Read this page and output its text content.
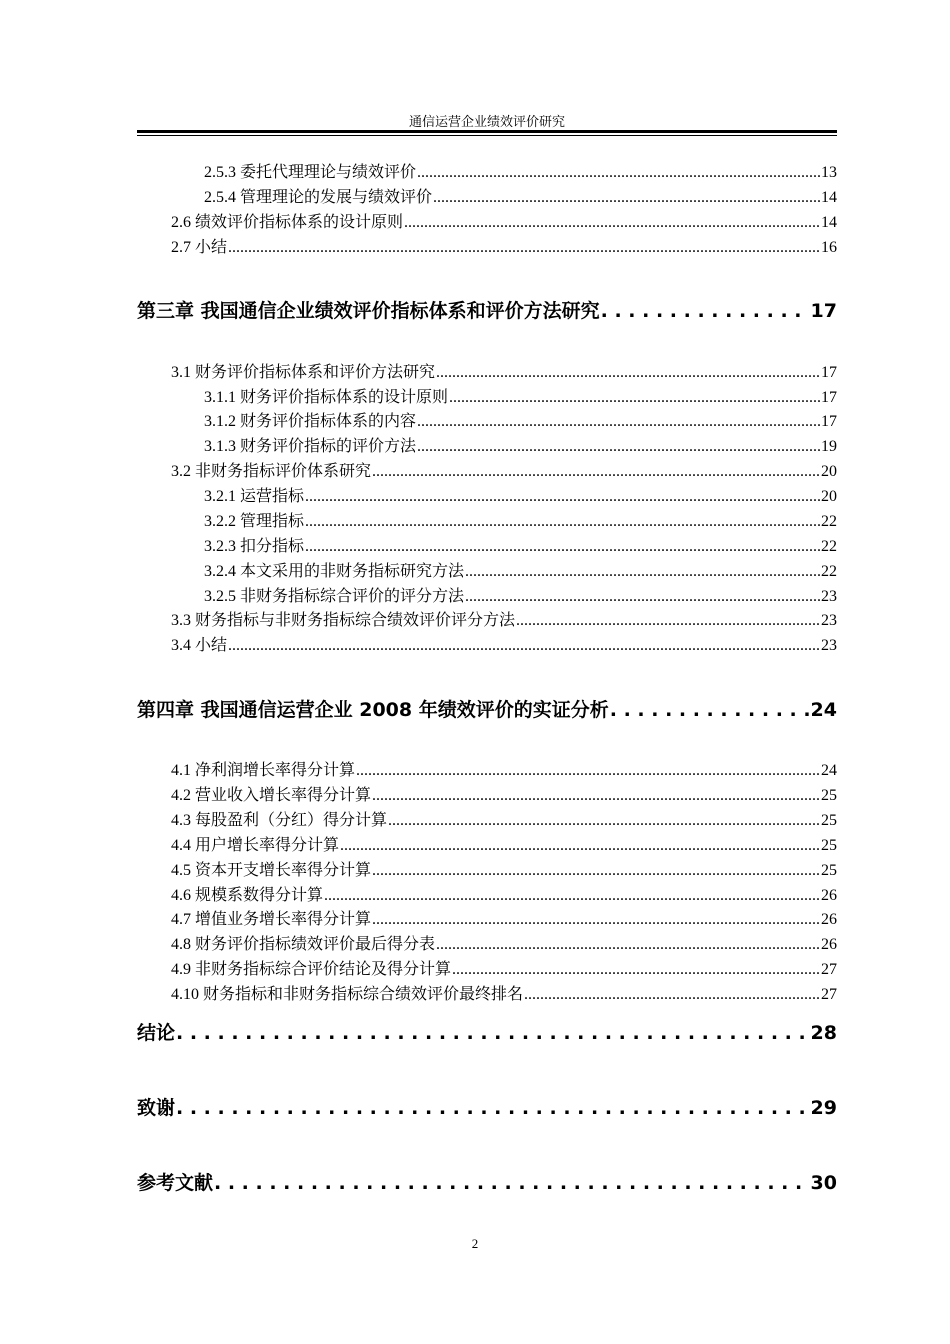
通信运营企业绩效评价研究
2.5.3 委托代理理论与绩效评价 .....	13
2.5.4 管理理论的发展与绩效评价 .....	14
2.6 绩效评价指标体系的设计原则 .....	14
2.7 小结 .....	16
第三章 我国通信企业绩效评价指标体系和评价方法研究 . . .	17
3.1 财务评价指标体系和评价方法研究 .....	17
3.1.1 财务评价指标体系的设计原则 .....	17
3.1.2 财务评价指标体系的内容 .....	17
3.1.3 财务评价指标的评价方法 .....	19
3.2 非财务指标评价体系研究 .....	20
3.2.1 运营指标 .....	20
3.2.2 管理指标 .....	22
3.2.3 扣分指标 .....	22
3.2.4 本文采用的非财务指标研究方法 .....	22
3.2.5 非财务指标综合评价的评分方法 .....	23
3.3 财务指标与非财务指标综合绩效评价评分方法 .....	23
3.4 小结 .....	23
第四章 我国通信运营企业 2008 年绩效评价的实证分析 . . .	24
4.1 净利润增长率得分计算 .....	24
4.2 营业收入增长率得分计算 .....	25
4.3 每股盈利（分红）得分计算 .....	25
4.4 用户增长率得分计算 .....	25
4.5 资本开支增长率得分计算 .....	25
4.6 规模系数得分计算 .....	26
4.7 增值业务增长率得分计算 .....	26
4.8 财务评价指标绩效评价最后得分表 .....	26
4.9 非财务指标综合评价结论及得分计算 .....	27
4.10 财务指标和非财务指标综合绩效评价最终排名 .....	27
结论 . . .	28
致谢 . . .	29
参考文献 . . .	30
2
